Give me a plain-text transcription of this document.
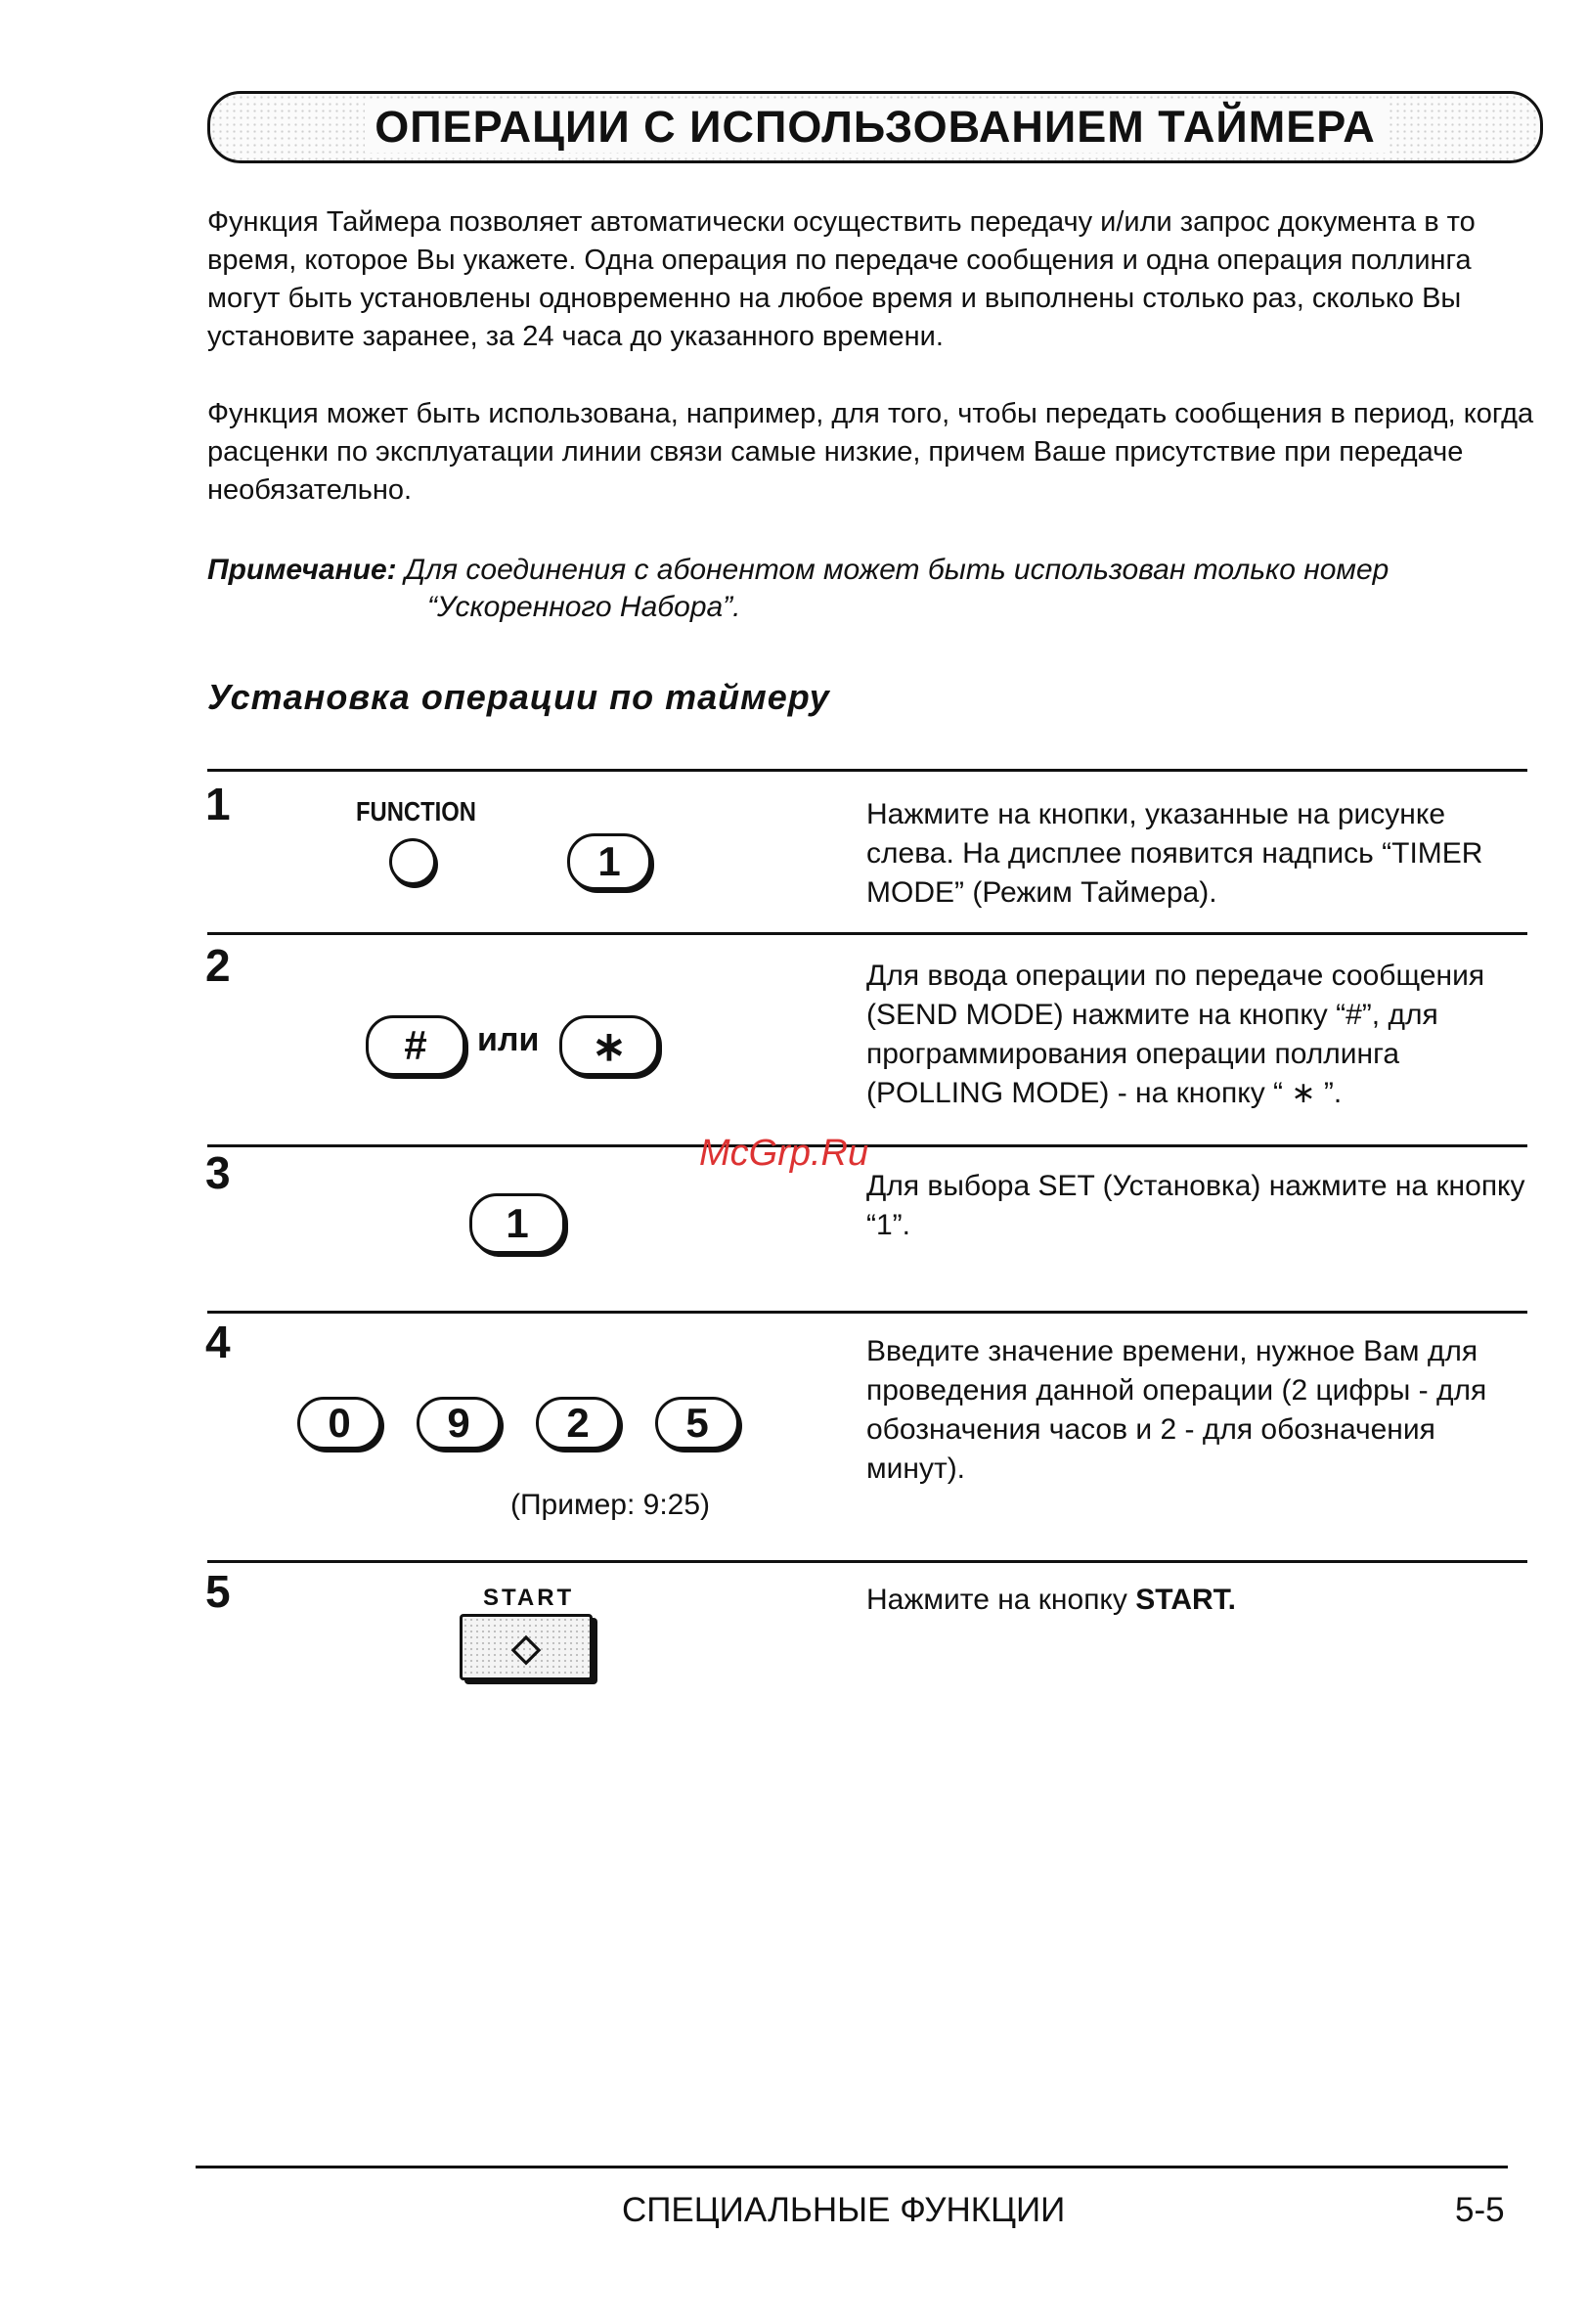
ОПЕРАЦИИ С ИСПОЛЬЗОВАНИЕМ ТАЙМЕРА
Функция Таймера позволяет автоматически осуществить передачу и/или запрос документа в то время, которое Вы укажете. Одна операция по передаче сообщения и одна операция поллинга могут быть установлены одновременно на любое время и выполнены столько раз, сколько Вы установите заранее, за 24 часа до указанного времени.
Функция может быть использована, например, для того, чтобы передать сообщения в период, когда расценки по эксплуатации линии связи самые низкие, причем Ваше присутствие при передаче необязательно.
Примечание: Для соединения с абонентом может быть использован только номер
“Ускоренного Набора”.
Установка операции по таймеру
1	FUNCTION
1
Нажмите на кнопки, указанные на рисунке слева. На дисплее появится надпись “TIMER MODE” (Режим Таймера).
2
#	или	∗
Для ввода операции по передаче сообщения (SEND MODE) нажмите на кнопку “#”, для программирования операции поллинга (POLLING MODE) - на кнопку “ ∗ ”.
3
1
Для выбора SET (Установка) нажмите на кнопку “1”.
4
0	9	2	5
(Пример: 9:25)
Введите значение времени, нужное Вам для проведения данной операции (2 цифры - для обозначения часов и 2 - для обозначения минут).
5	START
◇
Нажмите на кнопку START.
McGrp.Ru
СПЕЦИАЛЬНЫЕ ФУНКЦИИ	5-5
